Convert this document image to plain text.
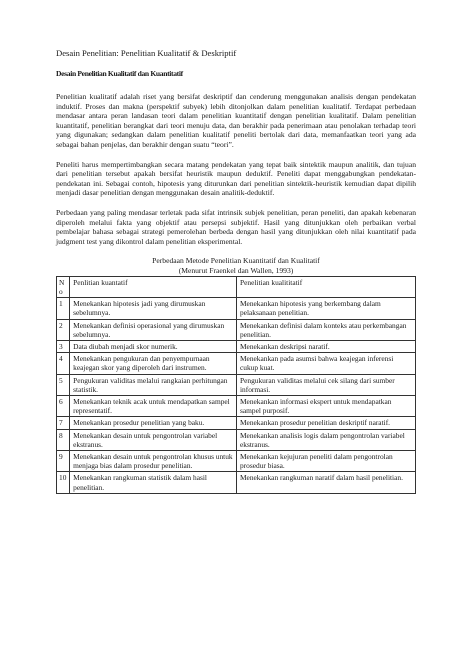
Desain Penelitian: Penelitian Kualitatif & Deskriptif
Desain Penelitian Kualitatif dan Kuantitatif

Penelitian kualitatif adalah riset yang bersifat deskriptif dan cenderung menggunakan analisis dengan pendekatan induktif. Proses dan makna (perspektif subyek) lebih ditonjolkan dalam penelitian kualitatif. Terdapat perbedaan mendasar antara peran landasan teori dalam penelitian kuantitatif dengan penelitian kualitatif. Dalam penelitian kuantitatif, penelitian berangkat dari teori menuju data, dan berakhir pada penerimaan atau penolakan terhadap teori yang digunakan; sedangkan dalam penelitian kualitatif peneliti bertolak dari data, memanfaatkan teori yang ada sebagai bahan penjelas, dan berakhir dengan suatu “teori”.

Peneliti harus mempertimbangkan secara matang pendekatan yang tepat baik sintektik maupun analitik, dan tujuan dari penelitian tersebut apakah bersifat heuristik maupun deduktif. Peneliti dapat menggabungkan pendekatan-pendekatan ini. Sebagai contoh, hipotesis yang diturunkan dari penelitian sintektik-heuristik kemudian dapat dipilih menjadi dasar penelitian dengan menggunakan desain analitik-deduktif.

Perbedaan yang paling mendasar terletak pada sifat intrinsik subjek penelitian, peran peneliti, dan apakah kebenaran diperoleh melalui fakta yang objektif atau persepsi subjektif. Hasil yang ditunjukkan oleh perbaikan verbal pembelajar bahasa sebagai strategi pemerolehan berbeda dengan hasil yang ditunjukkan oleh nilai kuantitatif pada judgment test yang dikontrol dalam penelitian eksperimental.

Perbedaan Metode Penelitian Kuantitatif dan Kualitatif
(Menurut Fraenkel dan Wallen, 1993)
N o	Penlitian kuantatif	Penelitian kualititatif
1	Menekankan hipotesis jadi yang dirumuskan sebelumnya.	Menekankan hipotesis yang berkembang dalam pelaksanaan penelitian.
2	Menekankan definisi operasional yang dirumuskan sebelumnya.	Menekankan definisi dalam konteks atau perkembangan penelitian.
3	Data diubah menjadi skor numerik.	Menekankan deskripsi naratif.
4	Menekankan pengukuran dan penyempurnaan keajegan skor yang diperoleh dari instrumen.	Menekankan pada asumsi bahwa keajegan inferensi cukup kuat.
5	Pengukuran validitas melalui rangkaian perhitungan statistik.	Pengukuran validitas melalui cek silang dari sumber informasi.
6	Menekankan teknik acak untuk mendapatkan sampel representatif.	Menekankan informasi ekspert untuk mendapatkan sampel purposif.
7	Menekankan prosedur penelitian yang baku.	Menekankan prosedur penelitian deskriptif naratif.
8	Menekankan desain untuk pengontrolan variabel ekstranus.	Menekankan analisis logis dalam pengontrolan variabel ekstranus.
9	Menekankan desain untuk pengontrolan khusus untuk menjaga bias dalam prosedur penelitian.	Menekankan kejujuran peneliti dalam pengontrolan prosedur biasa.
10	Menekankan rangkuman statistik dalam hasil penelitian.	Menekankan rangkuman naratif dalam hasil penelitian.
